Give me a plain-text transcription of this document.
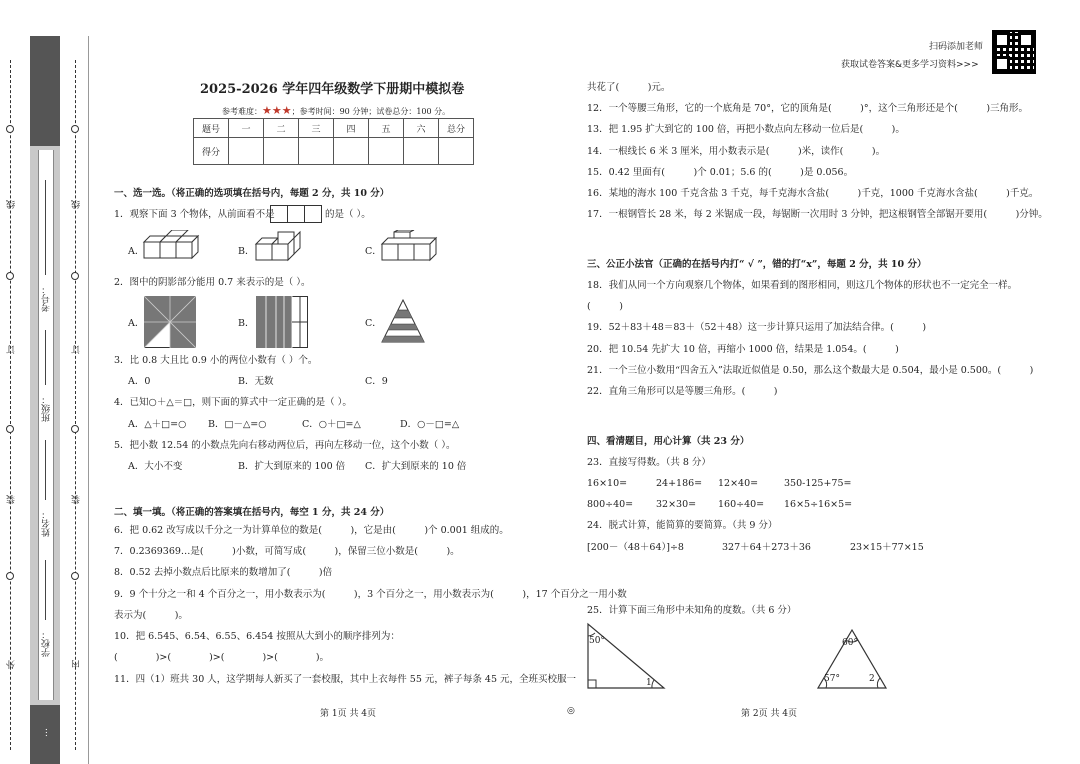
外
装
订
线
内
装
订
线
学校：
姓名：
班级：
考号：
…
扫码添加老师
获取试卷答案&更多学习资料>>>
2025-2026 学年四年级数学下册期中模拟卷
参考难度：★★★；参考时间：90 分钟；试卷总分：100 分。
题号	一	二	三	四	五	六	总分
得分							
一、选一选。（将正确的选项填在括号内，每题 2 分，共 10 分）
1．观察下面 3 个物体，从前面看不是	的是（ ）。
A．	B．	C．
2．图中的阴影部分能用 0.7 来表示的是（ ）。
A．	B．	C．
3．比 0.8 大且比 0.9 小的两位小数有（ ）个。
A．0	B．无数	C．9
4．已知○＋△＝□，则下面的算式中一定正确的是（ ）。
A．△＋□=○ B．□－△=○	C．○＋□=△	D．○－□=△
5．把小数 12.54 的小数点先向右移动两位后，再向左移动一位，这个小数（ ）。
A．大小不变	B．扩大到原来的 100 倍 C．扩大到原来的 10 倍
二、填一填。（将正确的答案填在括号内，每空 1 分，共 24 分）
6．把 0.62 改写成以千分之一为计算单位的数是(　　　)，它是由(　　　)个 0.001 组成的。
7．0.2369369…是(　　　)小数，可简写成(　　　)，保留三位小数是(　　　)。
8．0.52 去掉小数点后比原来的数增加了(　　　)倍
9．9 个十分之一和 4 个百分之一，用小数表示为(　　　)，3 个百分之一，用小数表示为(　　　)，17 个百分之一用小数
表示为(　　　)。
10．把 6.545、6.54、6.55、6.454 按照从大到小的顺序排列为：
(　　　　)>(　　　　)>(　　　　)>(　　　　)。
11．四（1）班共 30 人，这学期每人新买了一套校服，其中上衣每件 55 元，裤子每条 45 元，全班买校服一
第 1页 共 4页	◎
共花了(　　　)元。
12．一个等腰三角形，它的一个底角是 70°，它的顶角是(　　　)°，这个三角形还是个(　　　)三角形。
13．把 1.95 扩大到它的 100 倍，再把小数点向左移动一位后是(　　　)。
14．一根线长 6 米 3 厘米，用小数表示是(　　　)米，读作(　　　)。
15．0.42 里面有(　　　)个 0.01；5.6 的(　　　)是 0.056。
16．某地的海水 100 千克含盐 3 千克，每千克海水含盐(　　　)千克，1000 千克海水含盐(　　　)千克。
17．一根钢管长 28 米，每 2 米锯成一段，每锯断一次用时 3 分钟，把这根钢管全部锯开要用(　　　)分钟。
三、公正小法官（正确的在括号内打“ √ ”，错的打“x”，每题 2 分，共 10 分）
18．我们从同一个方向观察几个物体，如果看到的图形相同，则这几个物体的形状也不一定完全一样。
(　　　)
19．52＋83＋48＝83＋（52＋48）这一步计算只运用了加法结合律。(　　　)
20．把 10.54 先扩大 10 倍，再缩小 1000 倍，结果是 1.054。(　　　)
21．一个三位小数用“四舍五入”法取近似值是 0.50，那么这个数最大是 0.504，最小是 0.500。(　　　)
22．直角三角形可以是等腰三角形。(　　　)
四、看清题目，用心计算（共 23 分）
23．直接写得数。（共 8 分）
16×10=	24+186= 12×40=	350-125+75=
800÷40= 32×30= 160÷40= 16×5÷16×5=
24．脱式计算，能简算的要简算。（共 9 分）
[200－（48＋64）]÷8	327＋64＋273＋36	23×15＋77×15
25．计算下面三角形中未知角的度数。（共 6 分）
50°
1
60°
57°	2
第 2页 共 4页
